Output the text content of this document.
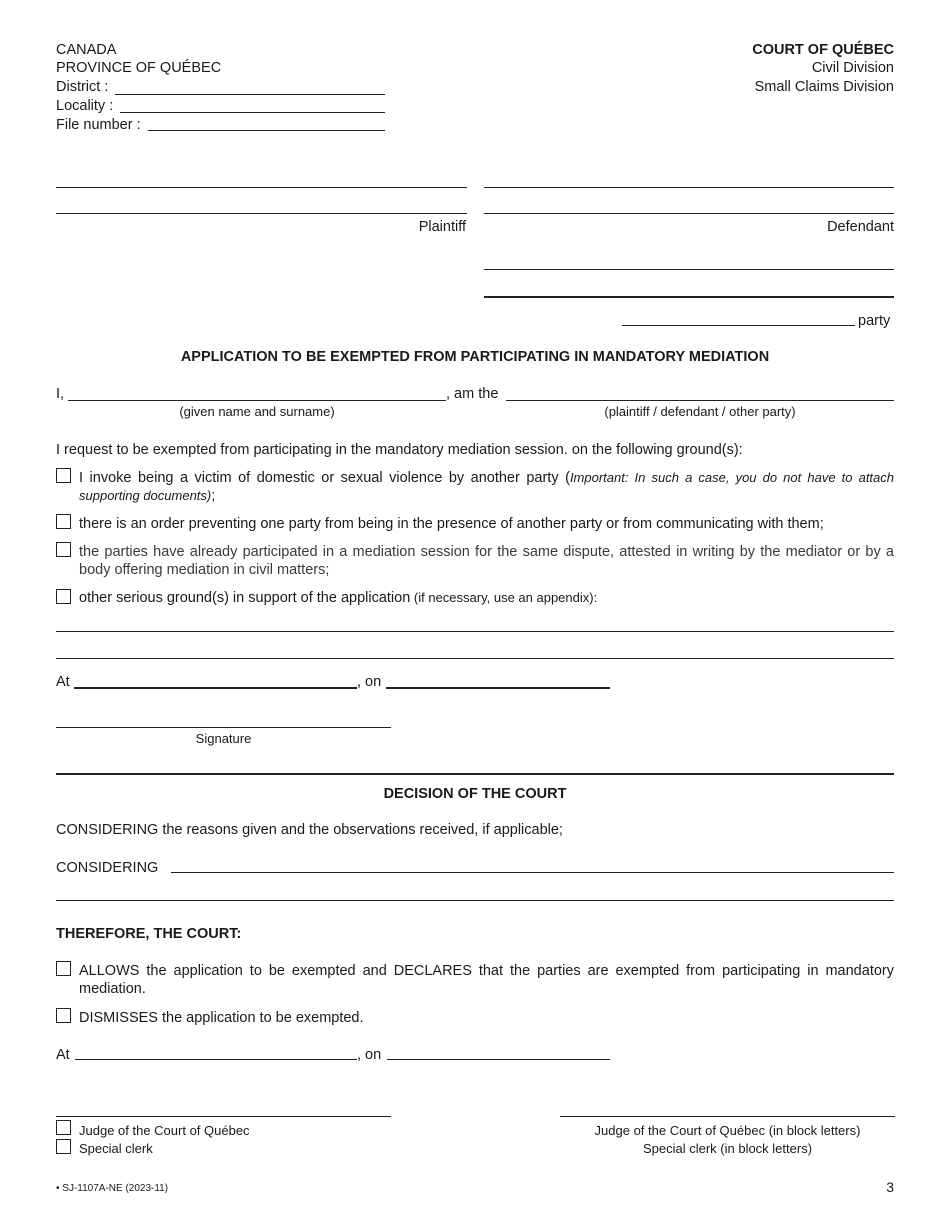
CANADA
PROVINCE OF QUÉBEC
District :
Locality :
File number :
COURT OF QUÉBEC
Civil Division
Small Claims Division
Plaintiff	Defendant
party
APPLICATION TO BE EXEMPTED FROM PARTICIPATING IN MANDATORY MEDIATION
I,	, am the
(given name and surname)	(plaintiff / defendant / other party)
I request to be exempted from participating in the mandatory mediation session. on the following ground(s):
I invoke being a victim of domestic or sexual violence by another party (Important: In such a case, you do not have to attach supporting documents);
there is an order preventing one party from being in the presence of another party or from communicating with them;
the parties have already participated in a mediation session for the same dispute, attested in writing by the mediator or by a body offering mediation in civil matters;
other serious ground(s) in support of the application (if necessary, use an appendix):
At	, on
Signature
DECISION OF THE COURT
CONSIDERING the reasons given and the observations received, if applicable;
CONSIDERING
THEREFORE, THE COURT:
ALLOWS the application to be exempted and DECLARES that the parties are exempted from participating in mandatory mediation.
DISMISSES the application to be exempted.
At	, on
Judge of the Court of Québec
Special clerk
Judge of the Court of Québec (in block letters)
Special clerk (in block letters)
• SJ-1107A-NE (2023-11)	3
